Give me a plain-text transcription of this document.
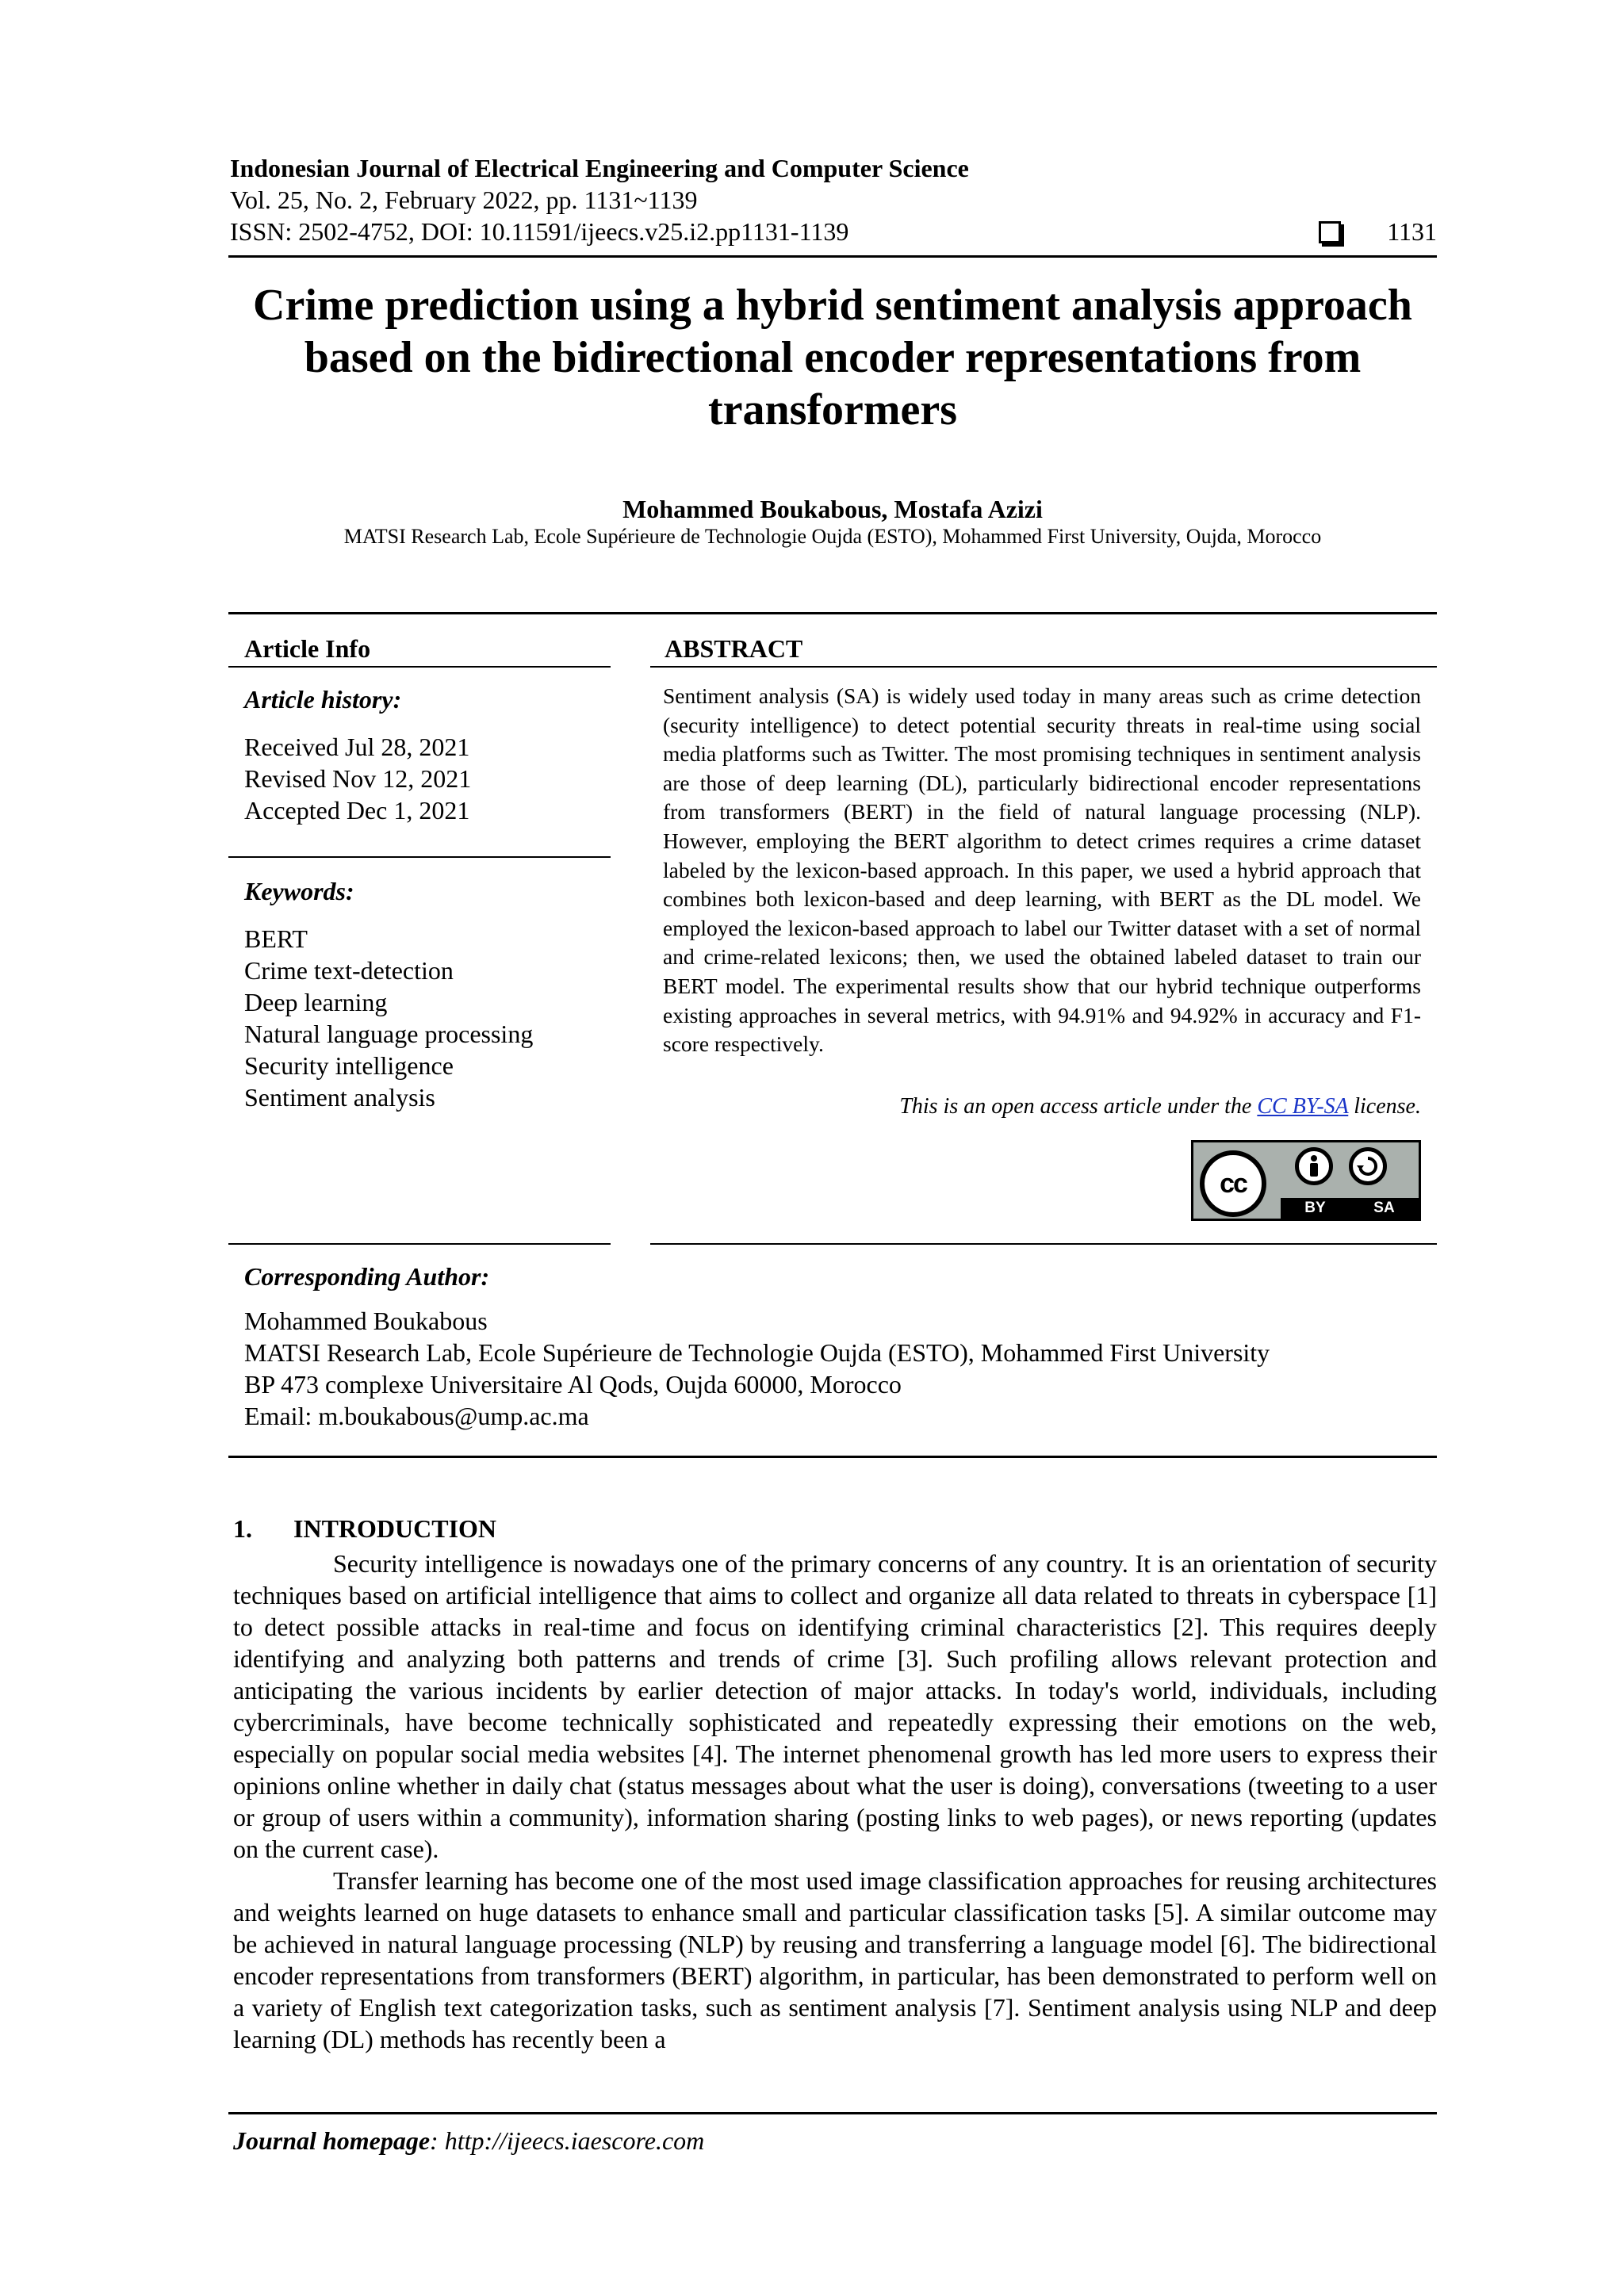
Indonesian Journal of Electrical Engineering and Computer Science
Vol. 25, No. 2, February 2022, pp. 1131~1139
ISSN: 2502-4752, DOI: 10.11591/ijeecs.v25.i2.pp1131-1139	1131
Crime prediction using a hybrid sentiment analysis approach based on the bidirectional encoder representations from transformers
Mohammed Boukabous, Mostafa Azizi
MATSI Research Lab, Ecole Supérieure de Technologie Oujda (ESTO), Mohammed First University, Oujda, Morocco
Article Info
Article history:
Received Jul 28, 2021
Revised Nov 12, 2021
Accepted Dec 1, 2021
Keywords:
BERT
Crime text-detection
Deep learning
Natural language processing
Security intelligence
Sentiment analysis
ABSTRACT
Sentiment analysis (SA) is widely used today in many areas such as crime detection (security intelligence) to detect potential security threats in real-time using social media platforms such as Twitter. The most promising techniques in sentiment analysis are those of deep learning (DL), particularly bidirectional encoder representations from transformers (BERT) in the field of natural language processing (NLP). However, employing the BERT algorithm to detect crimes requires a crime dataset labeled by the lexicon-based approach. In this paper, we used a hybrid approach that combines both lexicon-based and deep learning, with BERT as the DL model. We employed the lexicon-based approach to label our Twitter dataset with a set of normal and crime-related lexicons; then, we used the obtained labeled dataset to train our BERT model. The experimental results show that our hybrid technique outperforms existing approaches in several metrics, with 94.91% and 94.92% in accuracy and F1-score respectively.
This is an open access article under the CC BY-SA license.
cc
BY	SA
Corresponding Author:
Mohammed Boukabous
MATSI Research Lab, Ecole Supérieure de Technologie Oujda (ESTO), Mohammed First University
BP 473 complexe Universitaire Al Qods, Oujda 60000, Morocco
Email: m.boukabous@ump.ac.ma
1. INTRODUCTION
Security intelligence is nowadays one of the primary concerns of any country. It is an orientation of security techniques based on artificial intelligence that aims to collect and organize all data related to threats in cyberspace [1] to detect possible attacks in real-time and focus on identifying criminal characteristics [2]. This requires deeply identifying and analyzing both patterns and trends of crime [3]. Such profiling allows relevant protection and anticipating the various incidents by earlier detection of major attacks. In today's world, individuals, including cybercriminals, have become technically sophisticated and repeatedly expressing their emotions on the web, especially on popular social media websites [4]. The internet phenomenal growth has led more users to express their opinions online whether in daily chat (status messages about what the user is doing), conversations (tweeting to a user or group of users within a community), information sharing (posting links to web pages), or news reporting (updates on the current case).
Transfer learning has become one of the most used image classification approaches for reusing architectures and weights learned on huge datasets to enhance small and particular classification tasks [5]. A similar outcome may be achieved in natural language processing (NLP) by reusing and transferring a language model [6]. The bidirectional encoder representations from transformers (BERT) algorithm, in particular, has been demonstrated to perform well on a variety of English text categorization tasks, such as sentiment analysis [7]. Sentiment analysis using NLP and deep learning (DL) methods has recently been a
Journal homepage: http://ijeecs.iaescore.com
